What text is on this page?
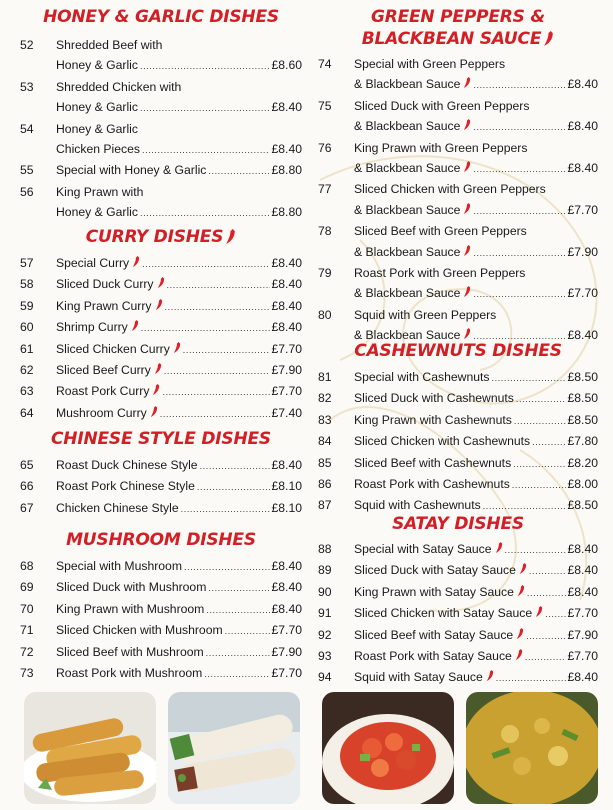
HONEY & GARLIC DISHES
52	Shredded Beef with
Honey & Garlic .....	£8.60
53	Shredded Chicken with
Honey & Garlic .....	£8.40
54	Honey & Garlic
Chicken Pieces .....	£8.40
55	Special with Honey & Garlic .....	£8.80
56	King Prawn with
Honey & Garlic .....	£8.80
CURRY DISHES
57	Special Curry .....	£8.40
58	Sliced Duck Curry .....	£8.40
59	King Prawn Curry .....	£8.40
60	Shrimp Curry .....	£8.40
61	Sliced Chicken Curry .....	£7.70
62	Sliced Beef Curry .....	£7.90
63	Roast Pork Curry .....	£7.70
64	Mushroom Curry .....	£7.40
CHINESE STYLE DISHES
65	Roast Duck Chinese Style .....	£8.40
66	Roast Pork Chinese Style .....	£8.10
67	Chicken Chinese Style .....	£8.10
MUSHROOM DISHES
68	Special with Mushroom .....	£8.40
69	Sliced Duck with Mushroom .....	£8.40
70	King Prawn with Mushroom .....	£8.40
71	Sliced Chicken with Mushroom .....	£7.70
72	Sliced Beef with Mushroom .....	£7.90
73	Roast Pork with Mushroom .....	£7.70
GREEN PEPPERS &
BLACKBEAN SAUCE
74	Special with Green Peppers
& Blackbean Sauce .....	£8.40
75	Sliced Duck with Green Peppers
& Blackbean Sauce .....	£8.40
76	King Prawn with Green Peppers
& Blackbean Sauce .....	£8.40
77	Sliced Chicken with Green Peppers
& Blackbean Sauce .....	£7.70
78	Sliced Beef with Green Peppers
& Blackbean Sauce .....	£7.90
79	Roast Pork with Green Peppers
& Blackbean Sauce .....	£7.70
80	Squid with Green Peppers
& Blackbean Sauce .....	£8.40
CASHEWNUTS DISHES
81	Special with Cashewnuts .....	£8.50
82	Sliced Duck with Cashewnuts .....	£8.50
83	King Prawn with Cashewnuts .....	£8.50
84	Sliced Chicken with Cashewnuts .....	£7.80
85	Sliced Beef with Cashewnuts .....	£8.20
86	Roast Pork with Cashewnuts .....	£8.00
87	Squid with Cashewnuts .....	£8.50
SATAY DISHES
88	Special with Satay Sauce .....	£8.40
89	Sliced Duck with Satay Sauce .....	£8.40
90	King Prawn with Satay Sauce .....	£8.40
91	Sliced Chicken with Satay Sauce .....	£7.70
92	Sliced Beef with Satay Sauce .....	£7.90
93	Roast Pork with Satay Sauce .....	£7.70
94	Squid with Satay Sauce .....	£8.40
